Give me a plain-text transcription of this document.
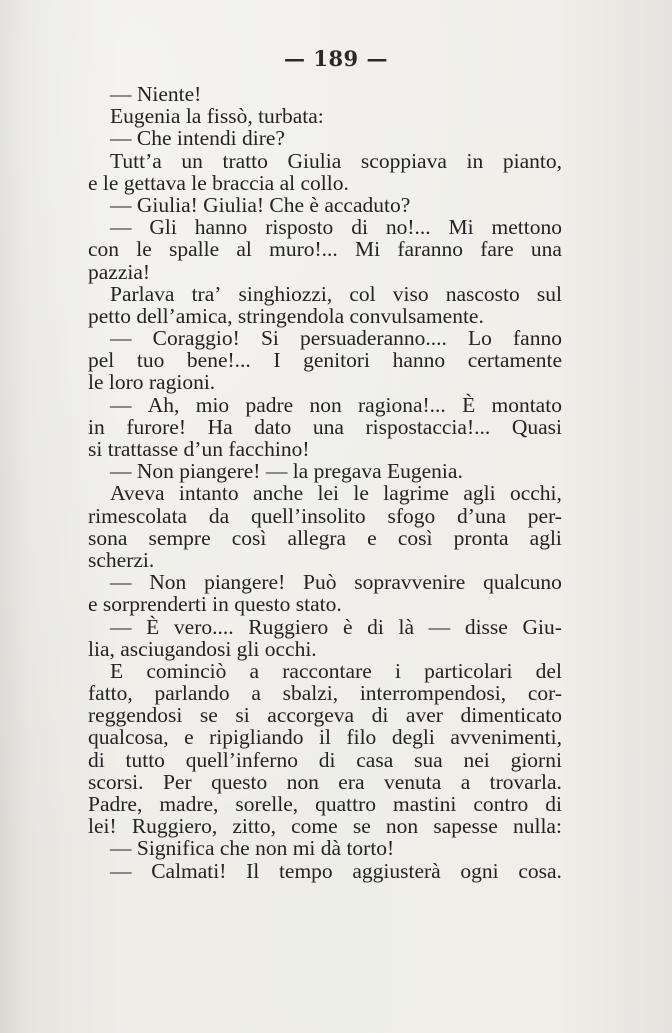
— 189 —
— Niente!
Eugenia la fissò, turbata:
— Che intendi dire?
Tutt’a un tratto Giulia scoppiava in pianto,
e le gettava le braccia al collo.
— Giulia! Giulia! Che è accaduto?
— Gli hanno risposto di no!... Mi mettono
con le spalle al muro!... Mi faranno fare una
pazzia!
Parlava tra’ singhiozzi, col viso nascosto sul
petto dell’amica, stringendola convulsamente.
— Coraggio! Si persuaderanno.... Lo fanno
pel tuo bene!... I genitori hanno certamente
le loro ragioni.
— Ah, mio padre non ragiona!... È montato
in furore! Ha dato una rispostaccia!... Quasi
si trattasse d’un facchino!
— Non piangere! — la pregava Eugenia.
Aveva intanto anche lei le lagrime agli occhi,
rimescolata da quell’insolito sfogo d’una per-
sona sempre così allegra e così pronta agli
scherzi.
— Non piangere! Può sopravvenire qualcuno
e sorprenderti in questo stato.
— È vero.... Ruggiero è di là — disse Giu-
lia, asciugandosi gli occhi.
E cominciò a raccontare i particolari del
fatto, parlando a sbalzi, interrompendosi, cor-
reggendosi se si accorgeva di aver dimenticato
qualcosa, e ripigliando il filo degli avvenimenti,
di tutto quell’inferno di casa sua nei giorni
scorsi. Per questo non era venuta a trovarla.
Padre, madre, sorelle, quattro mastini contro di
lei! Ruggiero, zitto, come se non sapesse nulla:
— Significa che non mi dà torto!
— Calmati! Il tempo aggiusterà ogni cosa.
